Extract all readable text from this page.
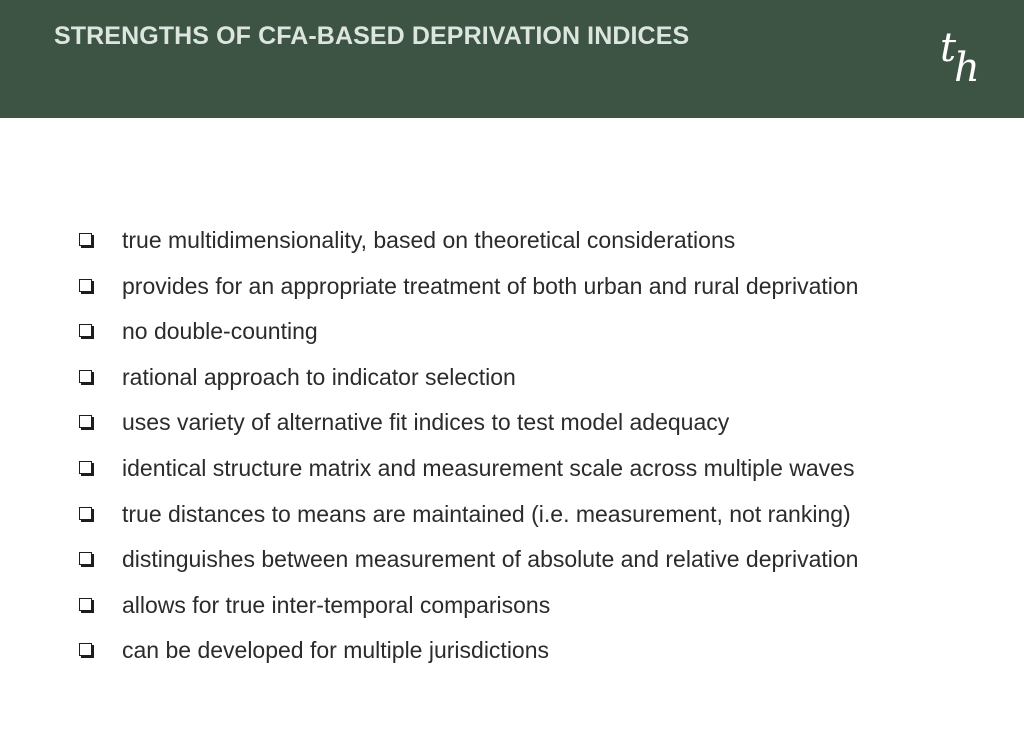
STRENGTHS OF CFA-BASED DEPRIVATION INDICES	t
h
true multidimensionality, based on theoretical considerations
provides for an appropriate treatment of both urban and rural deprivation
no double-counting
rational approach to indicator selection
uses variety of alternative fit indices to test model adequacy
identical structure matrix and measurement scale across multiple waves
true distances to means are maintained (i.e. measurement, not ranking)
distinguishes between measurement of absolute and relative deprivation
allows for true inter-temporal comparisons
can be developed for multiple jurisdictions
